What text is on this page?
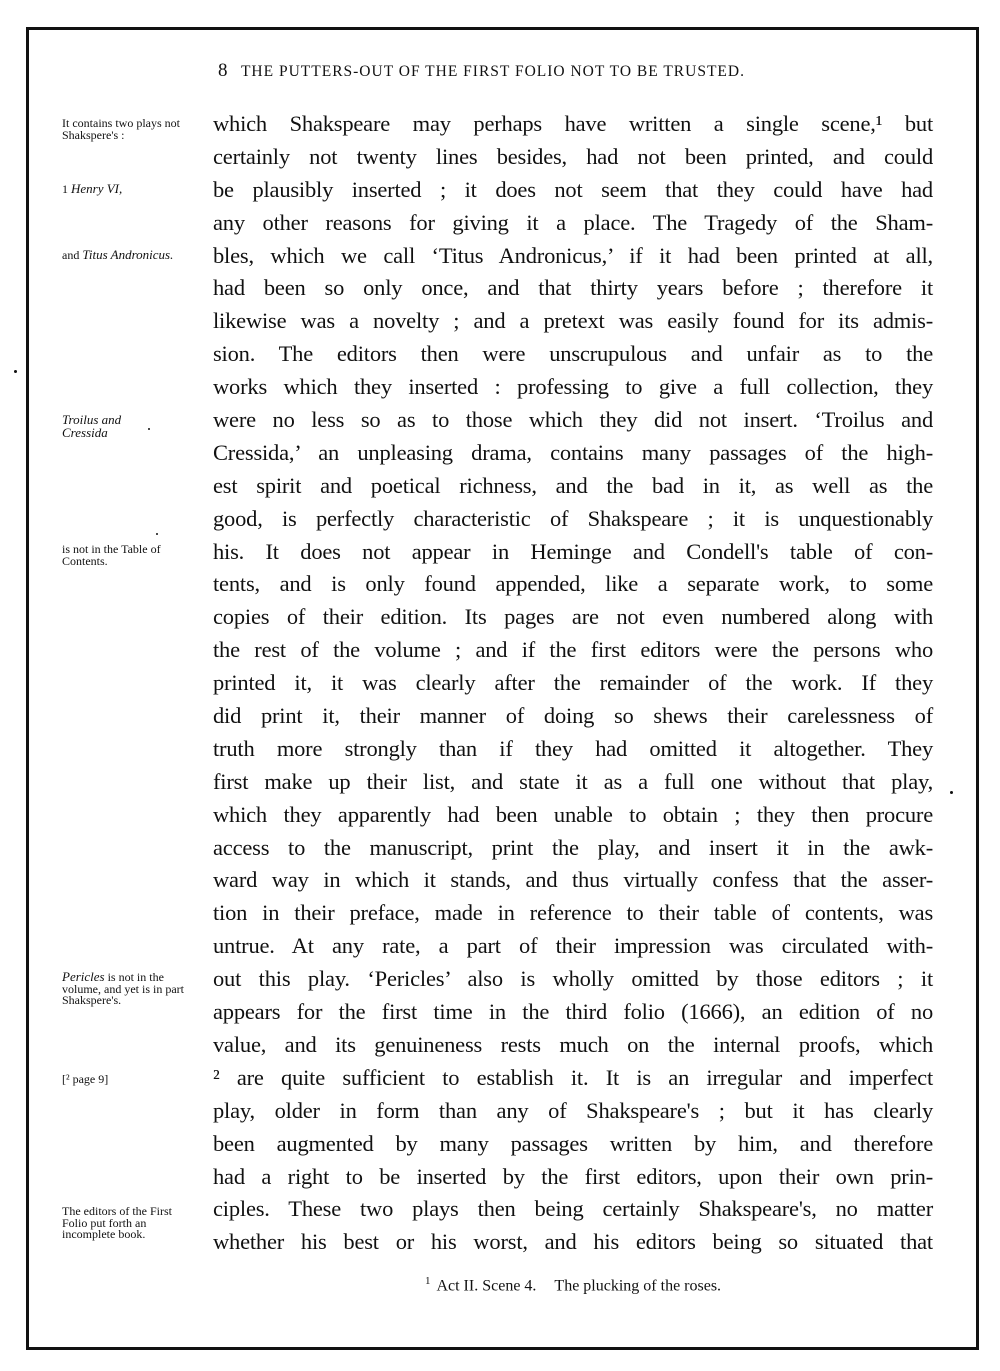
8 THE PUTTERS-OUT OF THE FIRST FOLIO NOT TO BE TRUSTED.
It contains two plays not Shakspere's :
1 Henry VI,
and Titus Andronicus.
Troilus and Cressida
is not in the Table of Contents.
Pericles is not in the volume, and yet is in part Shakspere's.
[² page 9]
The editors of the First Folio put forth an incomplete book.
which Shakspeare may perhaps have written a single scene,¹ but
certainly not twenty lines besides, had not been printed, and could
be plausibly inserted ; it does not seem that they could have had
any other reasons for giving it a place. The Tragedy of the Sham-
bles, which we call ‘Titus Andronicus,’ if it had been printed at all,
had been so only once, and that thirty years before ; therefore it
likewise was a novelty ; and a pretext was easily found for its admis-
sion. The editors then were unscrupulous and unfair as to the
works which they inserted : professing to give a full collection, they
were no less so as to those which they did not insert. ‘Troilus and
Cressida,’ an unpleasing drama, contains many passages of the high-
est spirit and poetical richness, and the bad in it, as well as the
good, is perfectly characteristic of Shakspeare ; it is unquestionably
his. It does not appear in Heminge and Condell's table of con-
tents, and is only found appended, like a separate work, to some
copies of their edition. Its pages are not even numbered along with
the rest of the volume ; and if the first editors were the persons who
printed it, it was clearly after the remainder of the work. If they
did print it, their manner of doing so shews their carelessness of
truth more strongly than if they had omitted it altogether. They
first make up their list, and state it as a full one without that play,
which they apparently had been unable to obtain ; they then procure
access to the manuscript, print the play, and insert it in the awk-
ward way in which it stands, and thus virtually confess that the asser-
tion in their preface, made in reference to their table of contents, was
untrue. At any rate, a part of their impression was circulated with-
out this play. ‘Pericles’ also is wholly omitted by those editors ; it
appears for the first time in the third folio (1666), an edition of no
value, and its genuineness rests much on the internal proofs, which
² are quite sufficient to establish it. It is an irregular and imperfect
play, older in form than any of Shakspeare's ; but it has clearly
been augmented by many passages written by him, and therefore
had a right to be inserted by the first editors, upon their own prin-
ciples. These two plays then being certainly Shakspeare's, no matter
whether his best or his worst, and his editors being so situated that
$^1$ Act II. Scene 4. The plucking of the roses.
